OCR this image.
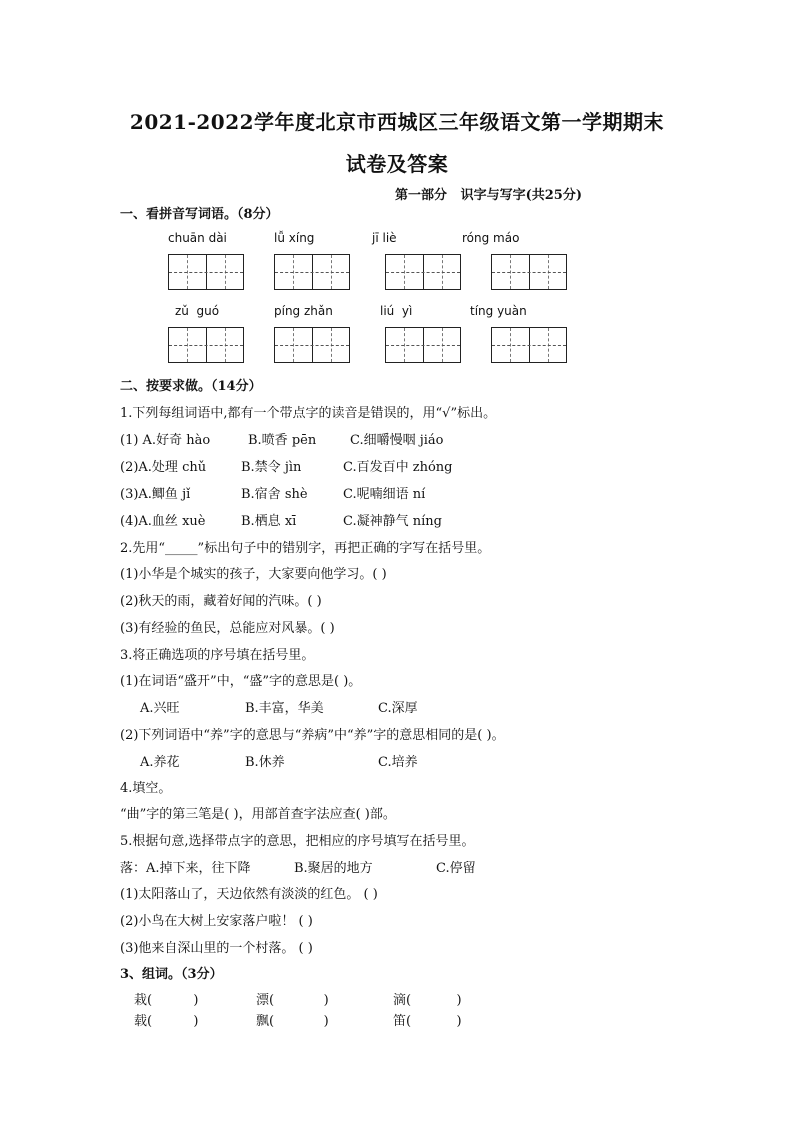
2021-2022学年度北京市西城区三年级语文第一学期期末
试卷及答案
第一部分 识字与写字(共25分)
一、看拼音写词语。（8分）
chuān dài	lǚ xíng	jī liè	róng máo
zǔ  guó	píng zhǎn	liú  yì	tíng yuàn
二、按要求做。（14分）
1.下列每组词语中,都有一个带点字的读音是错误的，用“√”标出。
(1) A.好奇 hào	B.喷香 pēn	C.细嚼慢咽 jiáo
(2)A.处理 chǔ	B.禁令 jìn	C.百发百中 zhóng
(3)A.鲫鱼 jǐ	B.宿舍 shè	C.呢喃细语 ní
(4)A.血丝 xuè	B.栖息 xī	C.凝神静气 níng
2.先用“_____”标出句子中的错别字，再把正确的字写在括号里。
(1)小华是个城实的孩子，大家要向他学习。( )
(2)秋天的雨，藏着好闻的汽味。( )
(3)有经验的鱼民，总能应对风暴。( )
3.将正确选项的序号填在括号里。
(1)在词语“盛开”中，“盛”字的意思是( )。
A.兴旺	B.丰富，华美	C.深厚
(2)下列词语中“养”字的意思与“养病”中“养”字的意思相同的是( )。
A.养花	B.休养	C.培养
4.填空。
“曲”字的第三笔是( )，用部首查字法应查( )部。
5.根据句意,选择带点字的意思，把相应的序号填写在括号里。
落：A.掉下来，往下降	B.聚居的地方	C.停留
(1)太阳落山了，天边依然有淡淡的红色。 ( )
(2)小鸟在大树上安家落户啦！ ( )
(3)他来自深山里的一个村落。 ( )
3、组词。（3分）
栽(          )	漂(            )	滴(           )
载(          )	飘(            )	笛(           )
